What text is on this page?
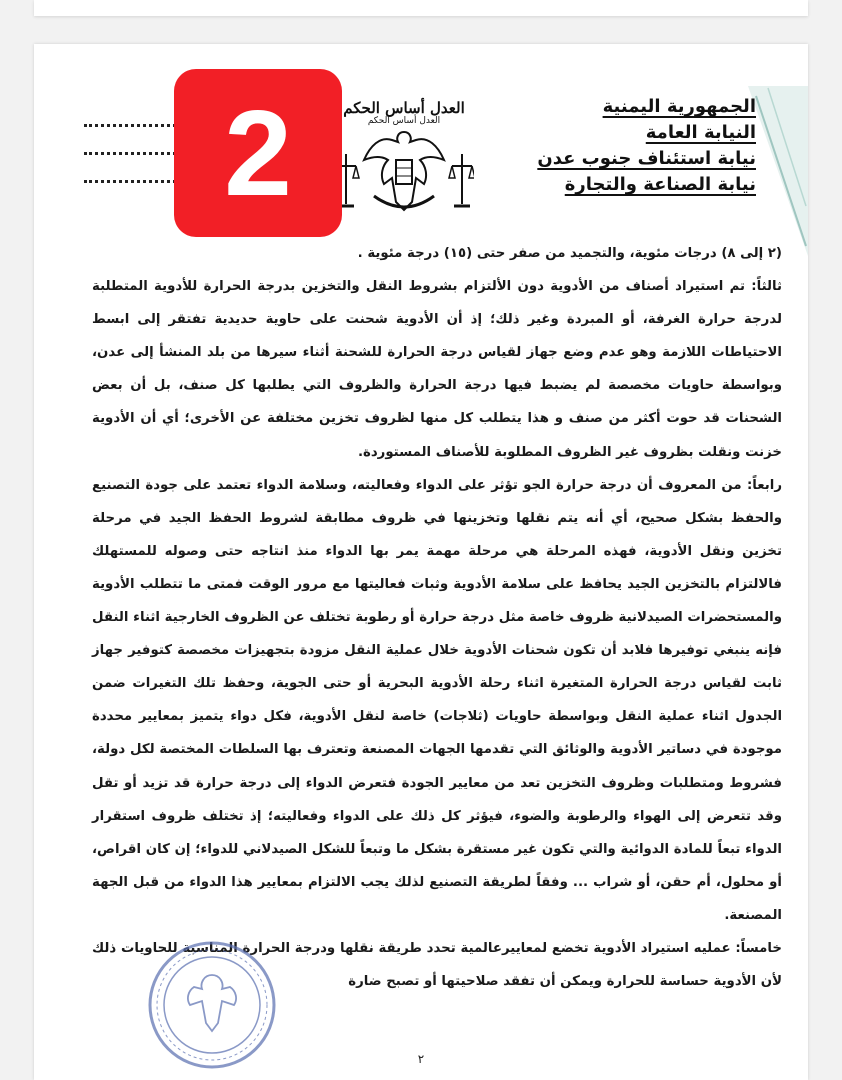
العدل أساس الحكم
العدل أساس الحكم
الجمهورية اليمنية
النيابة العامة
نيابة استئناف جنوب عدن
نيابة الصناعة والتجارة

(٢ إلى ٨) درجات مئوية، والتجميد من صفر حتى (١٥) درجة مئوية .

ثالثاً: تم استيراد أصناف من الأدوية دون الألتزام بشروط النقل والتخزين بدرجة الحرارة للأدوية المتطلبة لدرجة حرارة الغرفة، أو المبردة وغير ذلك؛ إذ أن الأدوية شحنت على حاوية حديدية تفتقر إلى ابسط الاحتياطات اللازمة وهو عدم وضع جهاز لقياس درجة الحرارة للشحنة أثناء سيرها من بلد المنشأ إلى عدن، وبواسطة حاويات مخصصة لم يضبط فيها درجة الحرارة والظروف التي يطلبها كل صنف، بل أن بعض الشحنات قد حوت أكثر من صنف و هذا يتطلب كل منها لظروف تخزين مختلفة عن الأخرى؛ أي أن الأدوية خزنت ونقلت بظروف غير الظروف المطلوبة للأصناف المستوردة.

رابعاً: من المعروف أن درجة حرارة الجو تؤثر على الدواء وفعاليته، وسلامة الدواء تعتمد على جودة التصنيع والحفظ بشكل صحيح، أي أنه يتم نقلها وتخزينها في ظروف مطابقة لشروط الحفظ الجيد في مرحلة تخزين ونقل الأدوية، فهذه المرحلة هي مرحلة مهمة يمر بها الدواء منذ انتاجه حتى وصوله للمستهلك فالالتزام بالتخزين الجيد يحافظ على سلامة الأدوية وثبات فعاليتها مع مرور الوقت فمتى ما تتطلب الأدوية والمستحضرات الصيدلانية ظروف خاصة مثل درجة حرارة أو رطوبة تختلف عن الظروف الخارجية اثناء النقل فإنه ينبغي توفيرها فلابد أن تكون شحنات الأدوية خلال عملية النقل مزودة بتجهيزات مخصصة كتوفير جهاز ثابت لقياس درجة الحرارة المتغيرة اثناء رحلة الأدوية البحرية أو حتى الجوية، وحفظ تلك التغيرات ضمن الجدول اثناء عملية النقل وبواسطة حاويات (ثلاجات) خاصة لنقل الأدوية، فكل دواء يتميز بمعايير محددة موجودة في دساتير الأدوية والوثائق التي تقدمها الجهات المصنعة وتعترف بها السلطات المختصة لكل دولة، فشروط ومتطلبات وظروف التخزين تعد من معايير الجودة فتعرض الدواء إلى درجة حرارة قد تزيد أو تقل وقد تتعرض إلى الهواء والرطوبة والضوء، فيؤثر كل ذلك على الدواء وفعاليته؛ إذ تختلف ظروف استقرار الدواء تبعاً للمادة الدوائية والتي تكون غير مستقرة بشكل ما وتبعاً للشكل الصيدلاني للدواء؛ إن كان اقراص، أو محلول، أم حقن، أو شراب ... وفقاً لطريقة التصنيع لذلك يجب الالتزام بمعايير هذا الدواء من قبل الجهة المصنعة.

خامساً: عمليه استيراد الأدوية تخضع لمعاييرعالمية تحدد طريقة نقلها ودرجة الحرارة المناسبة للحاويات ذلك لأن الأدوية حساسة للحرارة ويمكن أن تفقد صلاحيتها أو تصبح ضارة

٢
2
